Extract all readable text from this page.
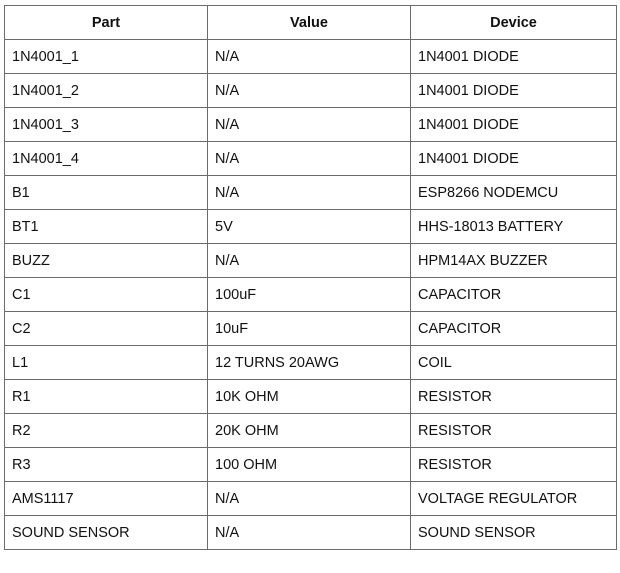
Part	Value	Device
1N4001_1	N/A	1N4001 DIODE
1N4001_2	N/A	1N4001 DIODE
1N4001_3	N/A	1N4001 DIODE
1N4001_4	N/A	1N4001 DIODE
B1	N/A	ESP8266 NODEMCU
BT1	5V	HHS-18013 BATTERY
BUZZ	N/A	HPM14AX BUZZER
C1	100uF	CAPACITOR
C2	10uF	CAPACITOR
L1	12 TURNS 20AWG	COIL
R1	10K OHM	RESISTOR
R2	20K OHM	RESISTOR
R3	100 OHM	RESISTOR
AMS1117	N/A	VOLTAGE REGULATOR
SOUND SENSOR	N/A	SOUND SENSOR
